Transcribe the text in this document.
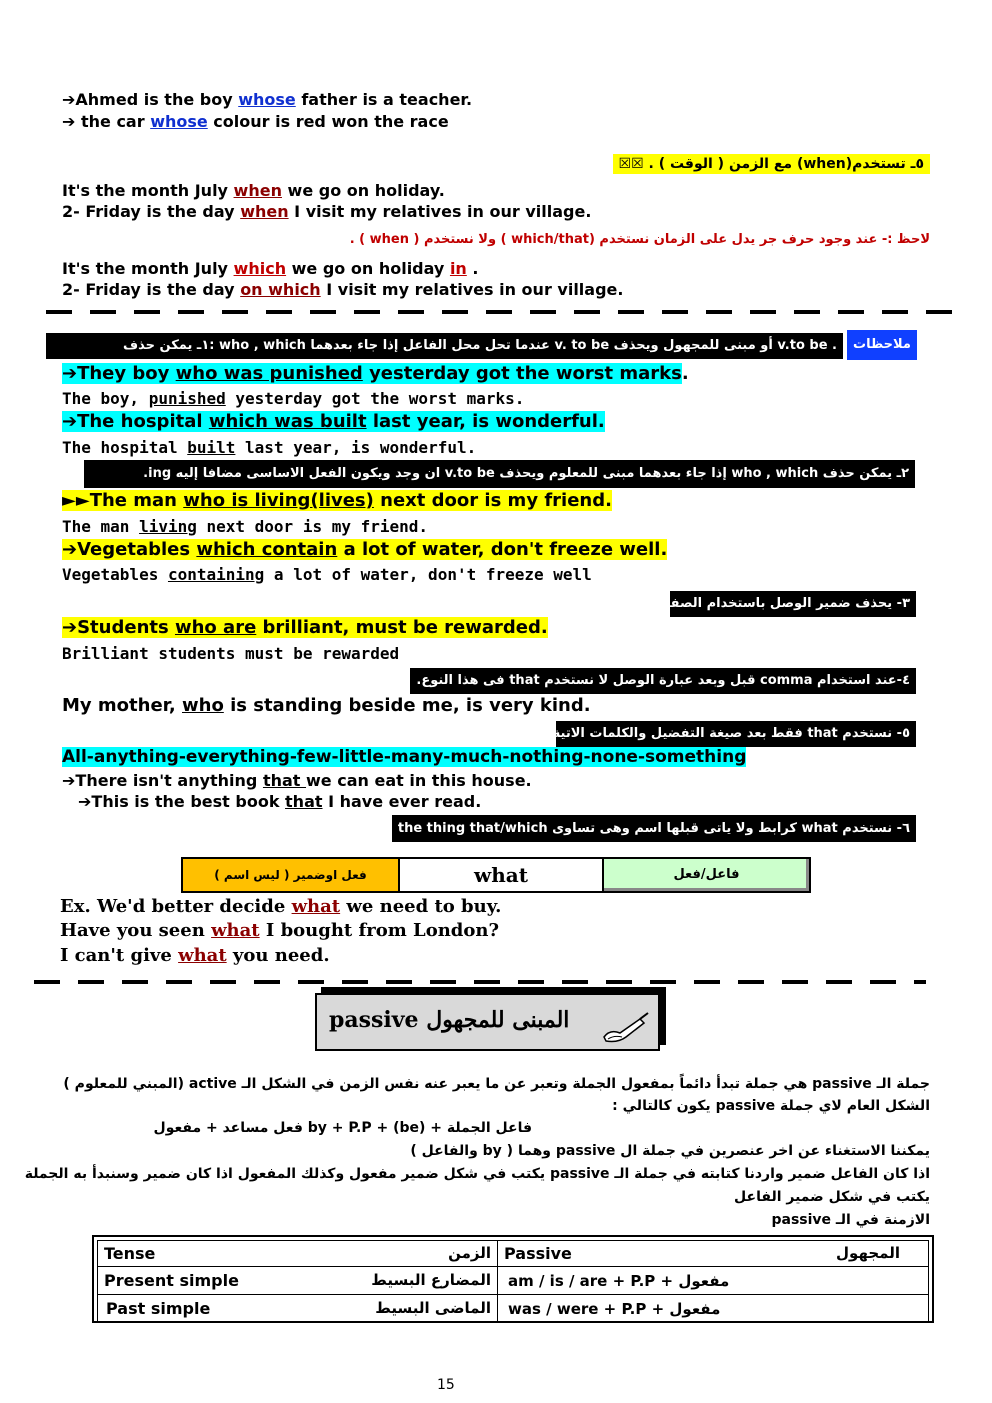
➔Ahmed is the boy whose father is a teacher.
➔ the car whose colour is red won the race
٥ـ تستخدم(when) مع الزمن ( الوقت ) . ☒☒
It's the month July when we go on holiday.
2- Friday is the day when I visit my relatives in our village.
لاحظ :- عند وجود حرف جر يدل على الزمان نستخدم (which/that ) ولا نستخدم ( when ) .
It's the month July which we go on holiday in .
2- Friday is the day on which I visit my relatives in our village.
ملاحظات
. v.to be أو مبنى للمجهول ويحذف v. to be عندما تحل محل الفاعل إذا جاء بعدهما who , which :١ـ يمكن حذف
➔They boy who was punished yesterday got the worst marks.
The boy, punished yesterday got the worst marks.
➔The hospital which was built last year, is wonderful.
The hospital built last year, is wonderful.
٢ـ يمكن حذف who , which إذا جاء بعدهما مبنى للمعلوم ويحذف v.to be ان وجد ويكون الفعل الاساسى مضافا إليه ing.
►►The man who is living(lives) next door is my friend.
The man living next door is my friend.
➔Vegetables which contain a lot of water, don't freeze well.
Vegetables containing a lot of water, don't freeze well
٣- يحذف ضمير الوصل باستخدام الصفة
➔Students who are brilliant, must be rewarded.
Brilliant students must be rewarded
٤-عند استخدام comma قبل وبعد عبارة الوصل لا نستخدم that فى هذا النوع.
My mother, who is standing beside me, is very kind.
٥- نستخدم that فقط بعد صيغة التفضيل والكلمات الاتية:
All-anything-everything-few-little-many-much-nothing-none-something
➔There isn't anything that we can eat in this house.
➔This is the best book that I have ever read.
٦- نستخدم what كرابط ولا ياتى قبلها اسم وهى تساوى the thing that/which
فعل اوضمير ( ليس اسم )	what	فاعل/فعل
Ex. We'd better decide what we need to buy.
Have you seen what I bought from London?
I can't give what you need.
المبنى للمجهول passive
جملة الـ passive هي جملة تبدأ دائماً بمفعول الجملة وتعبر عن ما يعبر عنه نفس الزمن في الشكل الـ active (المبني للمعلوم )
الشكل العام لاي جملة passive يكون كالتالي :
فاعل الجملة + by + P.P + (be) فعل مساعد + مفعول
يمكننا الاستغناء عن اخر عنصرين في جملة ال passive وهما ( by والفاعل )
اذا كان الفاعل ضمير واردنا كتابته في جملة الـ passive يكتب في شكل ضمير مفعول وكذلك المفعول اذا كان ضمير وسنبدأ به الجملة
يكتب في شكل ضمير الفاعل
الازمنة في الـ passive
Tense الزمن	Passive المجهول

Present simple المضارع البسيط	مفعول + am / is / are + P.P
Past simple الماضى البسيط	مفعول + was / were + P.P
15
